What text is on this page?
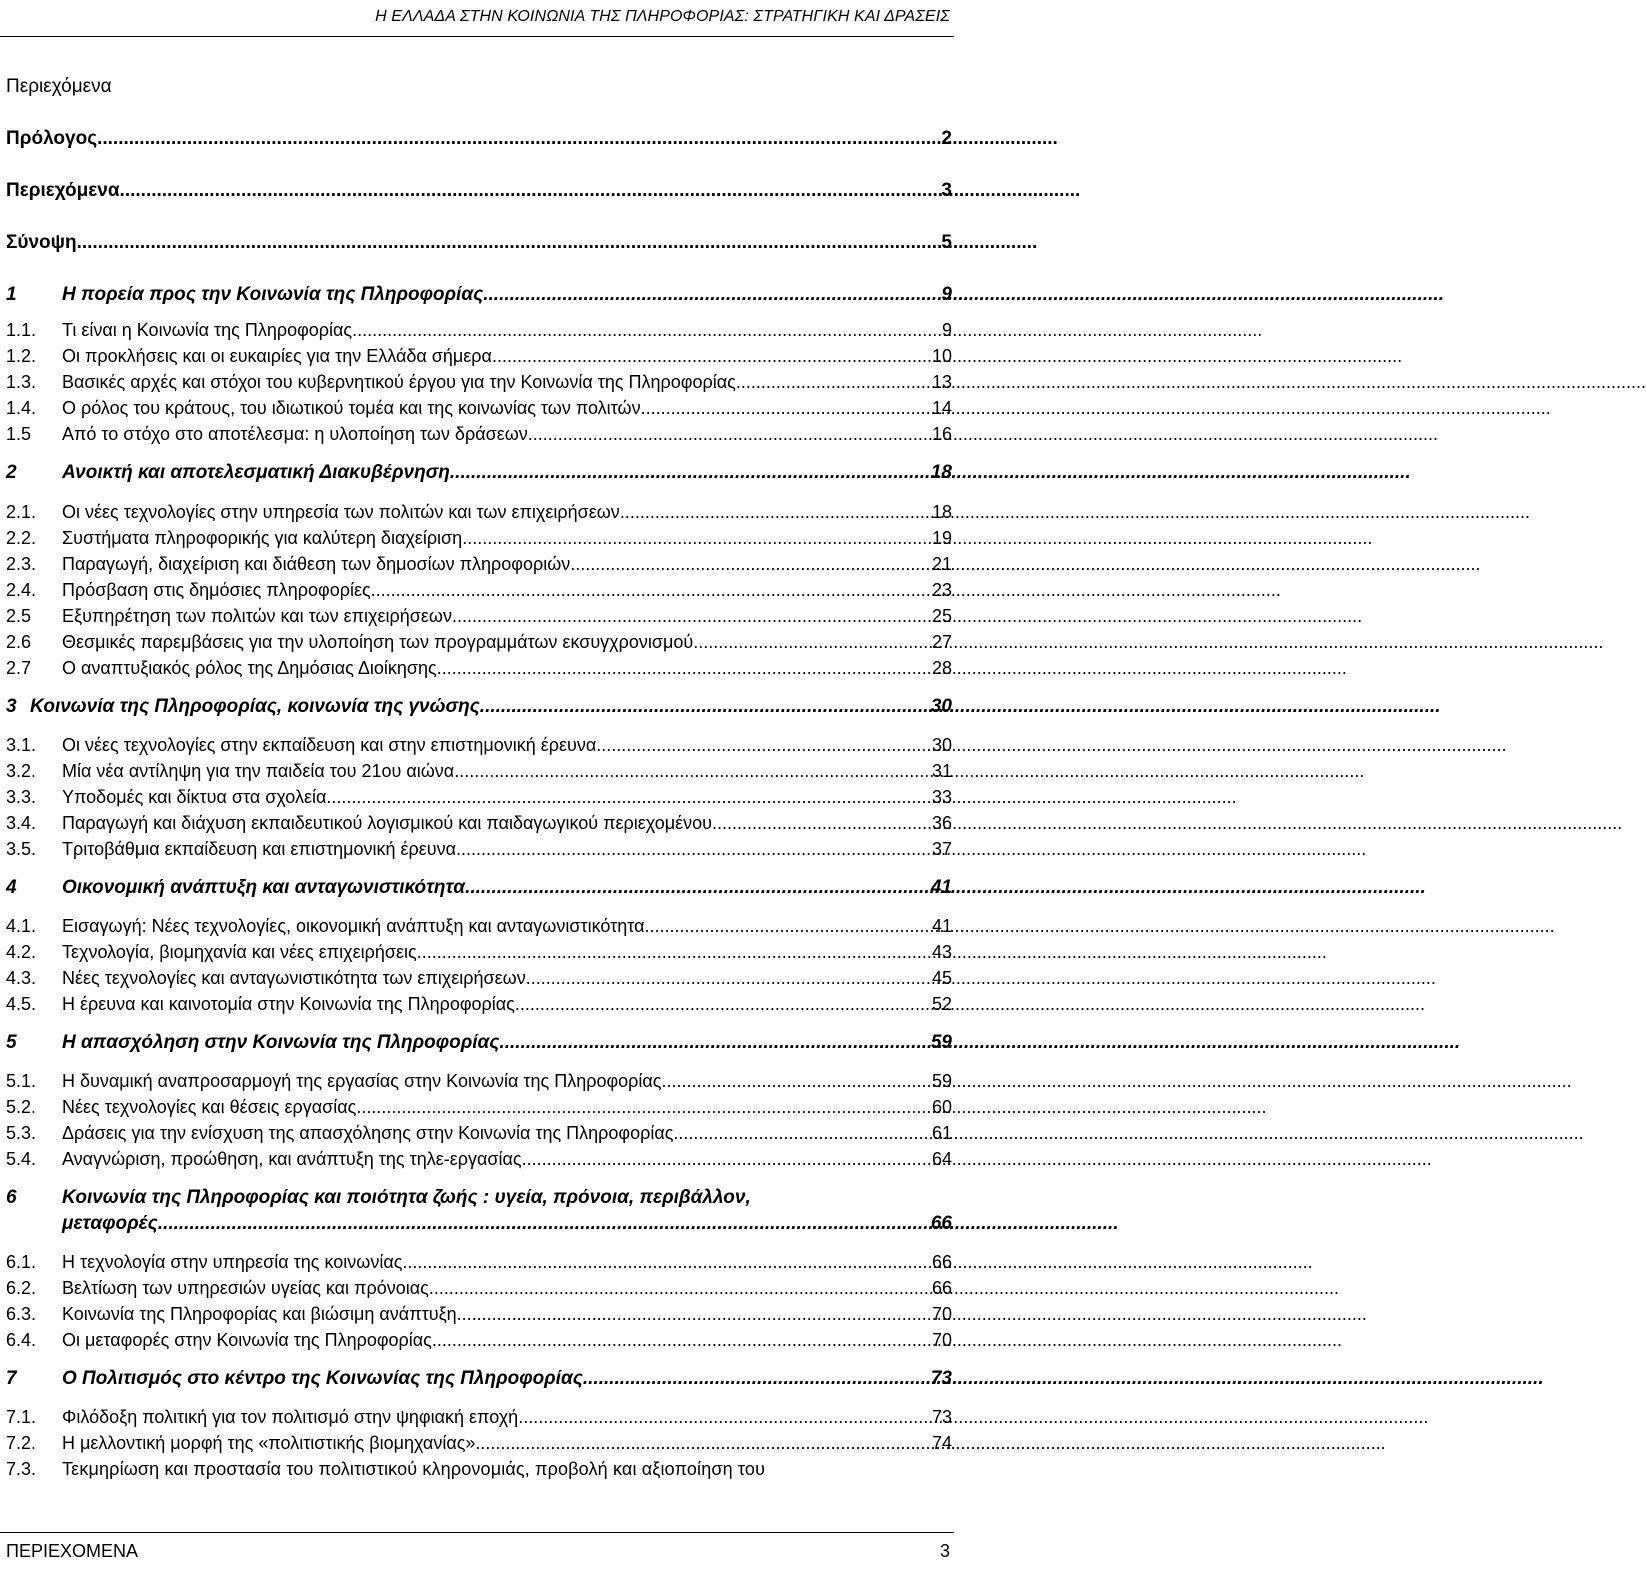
Η ΕΛΛΑΔΑ ΣΤΗΝ ΚΟΙΝΩΝΙΑ ΤΗΣ ΠΛΗΡΟΦΟΡΙΑΣ: ΣΤΡΑΤΗΓΙΚΗ ΚΑΙ ΔΡΑΣΕΙΣ
Περιεχόμενα
Πρόλογος .....	2
Περιεχόμενα .....	3
Σύνοψη .....	5
1	Η πορεία προς την Κοινωνία της Πληροφορίας .....	9
1.1.	Τι είναι η Κοινωνία της Πληροφορίας .....	9
1.2.	Οι προκλήσεις και οι ευκαιρίες για την Ελλάδα σήμερα .....	10
1.3.	Βασικές αρχές και στόχοι του κυβερνητικού έργου για την Κοινωνία της Πληροφορίας .....	13
1.4.	Ο ρόλος του κράτους, του ιδιωτικού τομέα και της κοινωνίας των πολιτών .....	14
1.5	Από το στόχο στο αποτέλεσμα: η υλοποίηση των δράσεων .....	16
2	Ανοικτή και αποτελεσματική Διακυβέρνηση .....	18
2.1.	Οι νέες τεχνολογίες στην υπηρεσία των πολιτών και των επιχειρήσεων .....	18
2.2.	Συστήματα πληροφορικής για καλύτερη διαχείριση .....	19
2.3.	Παραγωγή, διαχείριση και διάθεση των δημοσίων πληροφοριών .....	21
2.4.	Πρόσβαση στις δημόσιες πληροφορίες .....	23
2.5	Εξυπηρέτηση των πολιτών και των επιχειρήσεων .....	25
2.6	Θεσμικές παρεμβάσεις για την υλοποίηση των προγραμμάτων εκσυγχρονισμού .....	27
2.7	Ο αναπτυξιακός ρόλος της Δημόσιας Διοίκησης .....	28
3 Κοινωνία της Πληροφορίας, κοινωνία της γνώσης .....	30
3.1.	Οι νέες τεχνολογίες στην εκπαίδευση και στην επιστημονική έρευνα .....	30
3.2.	Μία νέα αντίληψη για την παιδεία του 21ου αιώνα .....	31
3.3.	Υποδομές και δίκτυα στα σχολεία .....	33
3.4.	Παραγωγή και διάχυση εκπαιδευτικού λογισμικού και παιδαγωγικού περιεχομένου .....	36
3.5.	Τριτοβάθμια εκπαίδευση και επιστημονική έρευνα .....	37
4	Οικονομική ανάπτυξη και ανταγωνιστικότητα .....	41
4.1.	Εισαγωγή: Νέες τεχνολογίες, οικονομική ανάπτυξη και ανταγωνιστικότητα .....	41
4.2.	Τεχνολογία, βιομηχανία και νέες επιχειρήσεις .....	43
4.3.	Νέες τεχνολογίες και ανταγωνιστικότητα των επιχειρήσεων .....	45
4.5.	Η έρευνα και καινοτομία στην Κοινωνία της Πληροφορίας .....	52
5	Η απασχόληση στην Κοινωνία της Πληροφορίας .....	59
5.1.	Η δυναμική αναπροσαρμογή της εργασίας στην Κοινωνία της Πληροφορίας .....	59
5.2.	Νέες τεχνολογίες και θέσεις εργασίας .....	60
5.3.	Δράσεις για την ενίσχυση της απασχόλησης στην Κοινωνία της Πληροφορίας .....	61
5.4.	Αναγνώριση, προώθηση, και ανάπτυξη της τηλε-εργασίας .....	64
6	Κοινωνία της Πληροφορίας και ποιότητα ζωής : υγεία, πρόνοια, περιβάλλον,
μεταφορές .....	66
6.1.	Η τεχνολογία στην υπηρεσία της κοινωνίας .....	66
6.2.	Βελτίωση των υπηρεσιών υγείας και πρόνοιας .....	66
6.3.	Κοινωνία της Πληροφορίας και βιώσιμη ανάπτυξη .....	70
6.4.	Οι μεταφορές στην Κοινωνία της Πληροφορίας .....	70
7	Ο Πολιτισμός στο κέντρο της Κοινωνίας της Πληροφορίας .....	73
7.1.	Φιλόδοξη πολιτική για τον πολιτισμό στην ψηφιακή εποχή .....	73
7.2.	Η μελλοντική μορφή της «πολιτιστικής βιομηχανίας» .....	74
7.3.	Τεκμηρίωση και προστασία του πολιτιστικού κληρονομιάς, προβολή και αξιοποίηση του
ΠΕΡΙΕΧΟΜΕΝΑ	3
